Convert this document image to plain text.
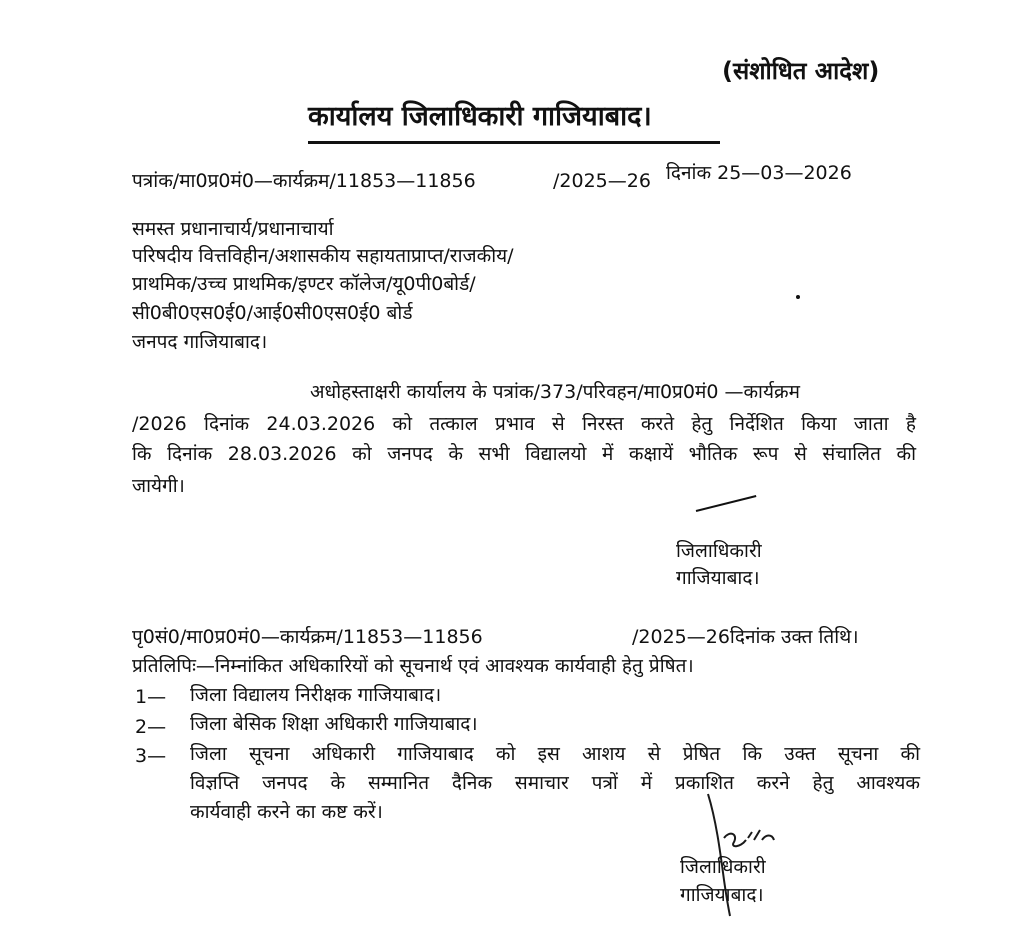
(संशोधित आदेश)
कार्यालय जिलाधिकारी गाजियाबाद।
पत्रांक/मा0प्र0मं0—कार्यक्रम/11853—11856	/2025—26 दिनांक 25—03—2026
समस्त प्रधानाचार्य/प्रधानाचार्या
परिषदीय वित्तविहीन/अशासकीय सहायताप्राप्त/राजकीय/
प्राथमिक/उच्च प्राथमिक/इण्टर कॉलेज/यू0पी0बोर्ड/
सी0बी0एस0ई0/आई0सी0एस0ई0 बोर्ड
जनपद गाजियाबाद।
अधोहस्ताक्षरी कार्यालय के पत्रांक/373/परिवहन/मा0प्र0मं0 —कार्यक्रम
/2026 दिनांक 24.03.2026 को तत्काल प्रभाव से निरस्त करते हेतु निर्देशित किया जाता है
कि दिनांक 28.03.2026 को जनपद के सभी विद्यालयो में कक्षायें भौतिक रूप से संचालित की
जायेगी।
जिलाधिकारी
गाजियाबाद।
पृ0सं0/मा0प्र0मं0—कार्यक्रम/11853—11856	/2025—26दिनांक उक्त तिथि।
प्रतिलिपिः—निम्नांकित अधिकारियों को सूचनार्थ एवं आवश्यक कार्यवाही हेतु प्रेषित।
1— जिला विद्यालय निरीक्षक गाजियाबाद।
2— जिला बेसिक शिक्षा अधिकारी गाजियाबाद।
3— जिला सूचना अधिकारी गाजियाबाद को इस आशय से प्रेषित कि उक्त सूचना की
विज्ञप्ति जनपद के सम्मानित दैनिक समाचार पत्रों में प्रकाशित करने हेतु आवश्यक
कार्यवाही करने का कष्ट करें।
जिलाधिकारी
गाजियाबाद।
